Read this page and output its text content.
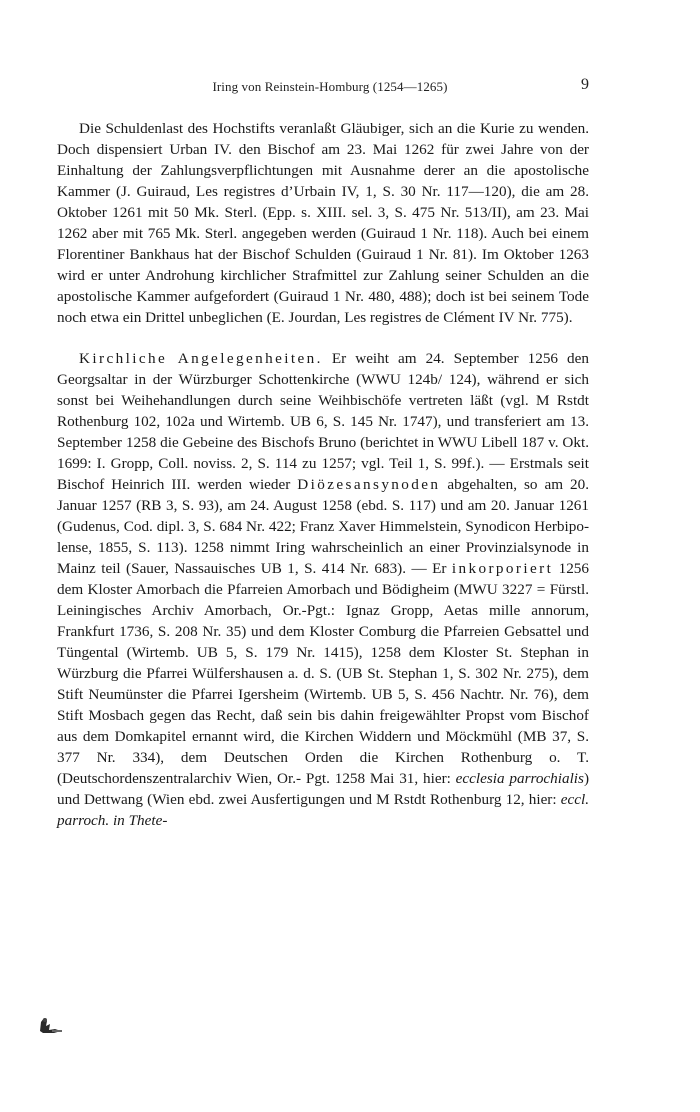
Iring von Reinstein-Homburg (1254—1265)	9

Die Schuldenlast des Hochstifts veranlaßt Gläubiger, sich an die Kurie zu wenden. Doch dispensiert Urban IV. den Bischof am 23. Mai 1262 für zwei Jahre von der Einhaltung der Zahlungsverpflichtungen mit Ausnahme derer an die apostolische Kammer (J. Guiraud, Les registres d’Urbain IV, 1, S. 30 Nr. 117—120), die am 28. Oktober 1261 mit 50 Mk. Sterl. (Epp. s. XIII. sel. 3, S. 475 Nr. 513/II), am 23. Mai 1262 aber mit 765 Mk. Sterl. angegeben werden (Guiraud 1 Nr. 118). Auch bei einem Florentiner Bankhaus hat der Bischof Schulden (Guiraud 1 Nr. 81). Im Oktober 1263 wird er unter Androhung kirchlicher Strafmittel zur Zahlung seiner Schulden an die apostolische Kammer aufgefordert (Guiraud 1 Nr. 480, 488); doch ist bei seinem Tode noch etwa ein Drittel unbeglichen (E. Jourdan, Les registres de Clément IV Nr. 775).

Kirchliche Angelegenheiten. Er weiht am 24. September 1256 den Georgsaltar in der Würzburger Schottenkirche (WWU 124b/ 124), während er sich sonst bei Weihehandlungen durch seine Weihbischöfe vertreten läßt (vgl. M Rstdt Rothenburg 102, 102a und Wirtemb. UB 6, S. 145 Nr. 1747), und transferiert am 13. September 1258 die Gebeine des Bischofs Bruno (berichtet in WWU Libell 187 v. Okt. 1699: I. Gropp, Coll. noviss. 2, S. 114 zu 1257; vgl. Teil 1, S. 99f.). — Erstmals seit Bischof Heinrich III. werden wieder Diözesansynoden abgehalten, so am 20. Januar 1257 (RB 3, S. 93), am 24. August 1258 (ebd. S. 117) und am 20. Januar 1261 (Gudenus, Cod. dipl. 3, S. 684 Nr. 422; Franz Xaver Himmelstein, Synodicon Herbipolense, 1855, S. 113). 1258 nimmt Iring wahrscheinlich an einer Provinzialsynode in Mainz teil (Sauer, Nassauisches UB 1, S. 414 Nr. 683). — Er inkorporiert 1256 dem Kloster Amorbach die Pfarreien Amorbach und Bödigheim (MWU 3227 = Fürstl. Leiningisches Archiv Amorbach, Or.-Pgt.: Ignaz Gropp, Aetas mille annorum, Frankfurt 1736, S. 208 Nr. 35) und dem Kloster Comburg die Pfarreien Gebsattel und Tüngental (Wirtemb. UB 5, S. 179 Nr. 1415), 1258 dem Kloster St. Stephan in Würzburg die Pfarrei Wülfershausen a. d. S. (UB St. Stephan 1, S. 302 Nr. 275), dem Stift Neumünster die Pfarrei Igersheim (Wirtemb. UB 5, S. 456 Nachtr. Nr. 76), dem Stift Mosbach gegen das Recht, daß sein bis dahin freigewählter Propst vom Bischof aus dem Domkapitel ernannt wird, die Kirchen Widdern und Möckmühl (MB 37, S. 377 Nr. 334), dem Deutschen Orden die Kirchen Rothenburg o. T. (Deutschordenszentralarchiv Wien, Or.- Pgt. 1258 Mai 31, hier: ecclesia parrochialis) und Dettwang (Wien ebd. zwei Ausfertigungen und M Rstdt Rothenburg 12, hier: eccl. parroch. in Thete-
